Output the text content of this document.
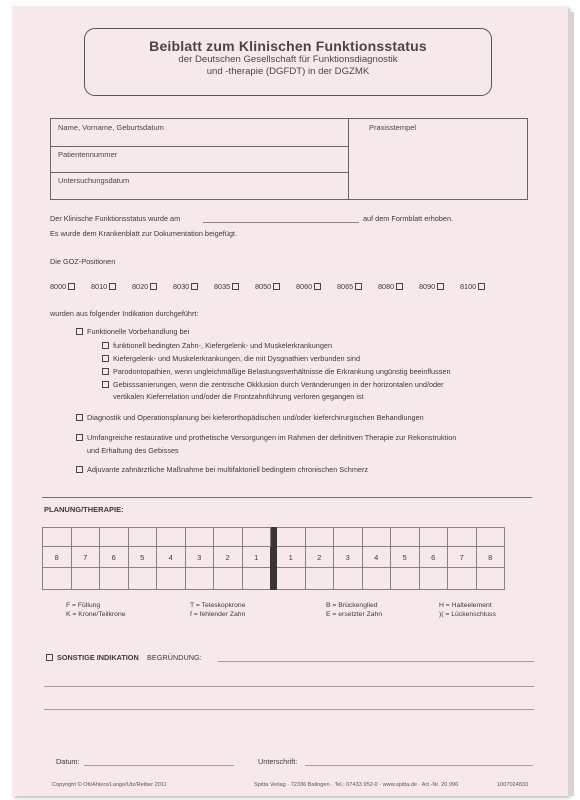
Beiblatt zum Klinischen Funktionsstatus
der Deutschen Gesellschaft für Funktionsdiagnostik
und -therapie (DGFDT) in der DGZMK
Name, Vorname, Geburtsdatum
Patientennummer
Untersuchungsdatum
Praxisstempel
Der Klinische Funktionsstatus wurde am	auf dem Formblatt erhoben.
Es wurde dem Krankenblatt zur Dokumentation beigefügt.
Die GOZ-Positionen
8000	8010	8020	8030	8035	8050	8060	8065	8080	8090	8100
wurden aus folgender Indikation durchgeführt:
Funktionelle Vorbehandlung bei
funktionell bedingten Zahn-, Kiefergelenk- und Muskelerkrankungen
Kiefergelenk- und Muskelerkrankungen, die mit Dysgnathien verbunden sind
Parodontopathien, wenn ungleichmäßige Belastungsverhältnisse die Erkrankung ungünstig beeinflussen
Gebisssanierungen, wenn die zentrische Okklusion durch Veränderungen in der horizontalen und/oder
vertikalen Kieferrelation und/oder die Frontzahnführung verloren gegangen ist
Diagnostik und Operationsplanung bei kieferorthopädischen und/oder kieferchirurgischen Behandlungen
Umfangreiche restaurative und prothetische Versorgungen im Rahmen der definitiven Therapie zur Rekonstruktion
und Erhaltung des Gebisses
Adjuvante zahnärztliche Maßnahme bei multifaktoriell bedingtem chronischen Schmerz
PLANUNG/THERAPIE:

8	7	6	5	4	3	2	1		1	2	3	4	5	6	7	8

F = Füllung
K = Krone/Teilkrone
T = Teleskopkrone
f = fehlender Zahn
B = Brückenglied
E = ersetzter Zahn
H = Halteelement
)( = Lückenschluss
SONSTIGE INDIKATION BEGRÜNDUNG:
Datum:	Unterschrift:
Copyright © Ott/Ahlers/Lange/Utz/Reiber 2011	Spitta Verlag · 72336 Balingen · Tel.: 07433 952-0 · www.spitta.de · Art.-Nr. 20 996	1007024833
